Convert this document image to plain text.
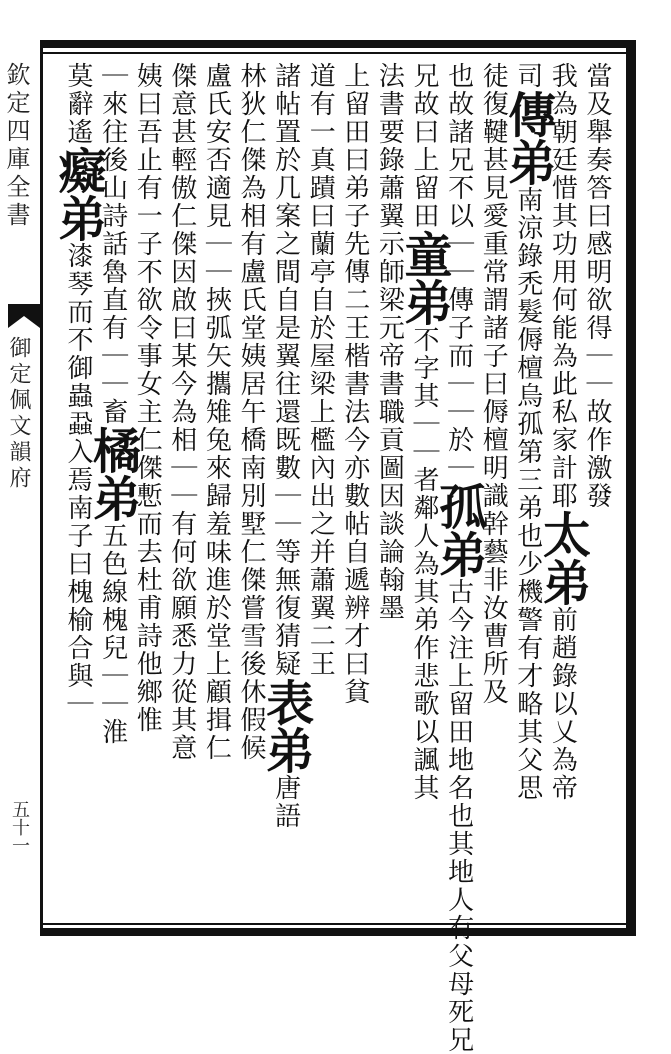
欽定四庫全書
御定佩文韻府
五十一
當及舉奏答曰感明欲得｜｜故作激發
我為朝廷惜其功用何能為此私家計耶太弟前趙錄以乂為帝
司傳弟南涼錄禿髮傉檀烏孤第三弟也少機警有才略其父思
徒復鞬甚見愛重常謂諸子曰傉檀明識幹藝非汝曹所及
也故諸兄不以｜｜傳子而｜｜於｜孤弟古今注上留田地名也其地人有父母死兄
兄故曰上留田童弟不字其｜｜者鄰人為其弟作悲歌以諷其
法書要錄蕭翼示師梁元帝書職貢圖因談論翰墨
上留田曰弟子先傳二王楷書法今亦數帖自遞辨才曰貧
道有一真蹟曰蘭亭自於屋梁上檻內出之并蕭翼二王
諸帖置於几案之間自是翼往還既數｜｜等無復猜疑表弟唐語
林狄仁傑為相有盧氏堂姨居午橋南別墅仁傑嘗雪後休假候
盧氏安否適見｜｜挾弧矢攜雉兔來歸羞味進於堂上顧揖仁
傑意甚輕傲仁傑因啟曰某今為相｜｜有何欲願悉力從其意
姨曰吾止有一子不欲令事女主仁傑慙而去杜甫詩他鄉惟
｜來往後山詩話魯直有｜｜畜橘弟五色線槐兒｜｜淮
莫辭遙癡弟漆琴而不御蟲蝨入焉南子曰槐榆合與｜
